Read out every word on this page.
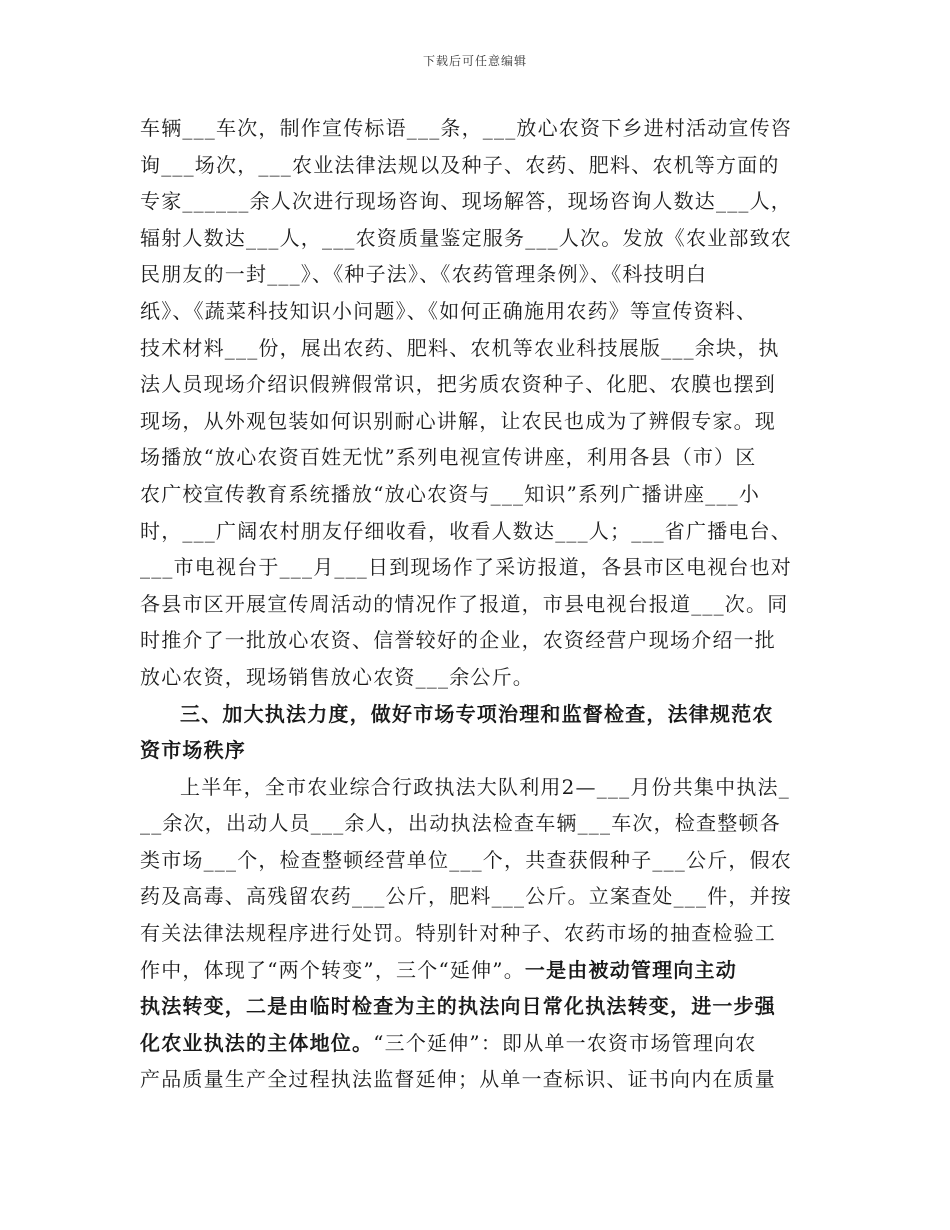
下载后可任意编辑
车辆___车次，制作宣传标语___条，___放心农资下乡进村活动宣传咨
询___场次，___农业法律法规以及种子、农药、肥料、农机等方面的
专家______余人次进行现场咨询、现场解答，现场咨询人数达___人，
辐射人数达___人，___农资质量鉴定服务___人次。发放《农业部致农
民朋友的一封___》、《种子法》、《农药管理条例》、《科技明白
纸》、《蔬菜科技知识小问题》、《如何正确施用农药》等宣传资料、
技术材料___份，展出农药、肥料、农机等农业科技展版___余块，执
法人员现场介绍识假辨假常识，把劣质农资种子、化肥、农膜也摆到
现场，从外观包装如何识别耐心讲解，让农民也成为了辨假专家。现
场播放“放心农资百姓无忧”系列电视宣传讲座，利用各县（市）区
农广校宣传教育系统播放“放心农资与___知识”系列广播讲座___小
时，___广阔农村朋友仔细收看，收看人数达___人；___省广播电台、
___市电视台于___月___日到现场作了采访报道，各县市区电视台也对
各县市区开展宣传周活动的情况作了报道，市县电视台报道___次。同
时推介了一批放心农资、信誉较好的企业，农资经营户现场介绍一批
放心农资，现场销售放心农资___余公斤。
三、加大执法力度，做好市场专项治理和监督检查，法律规范农
资市场秩序
上半年，全市农业综合行政执法大队利用2—___月份共集中执法_
__余次，出动人员___余人，出动执法检查车辆___车次，检查整顿各
类市场___个，检查整顿经营单位___个，共查获假种子___公斤，假农
药及高毒、高残留农药___公斤，肥料___公斤。立案查处___件，并按
有关法律法规程序进行处罚。特别针对种子、农药市场的抽查检验工
作中，体现了“两个转变”，三个“延伸”。一是由被动管理向主动
执法转变，二是由临时检查为主的执法向日常化执法转变，进一步强
化农业执法的主体地位。“三个延伸”：即从单一农资市场管理向农
产品质量生产全过程执法监督延伸；从单一查标识、证书向内在质量
